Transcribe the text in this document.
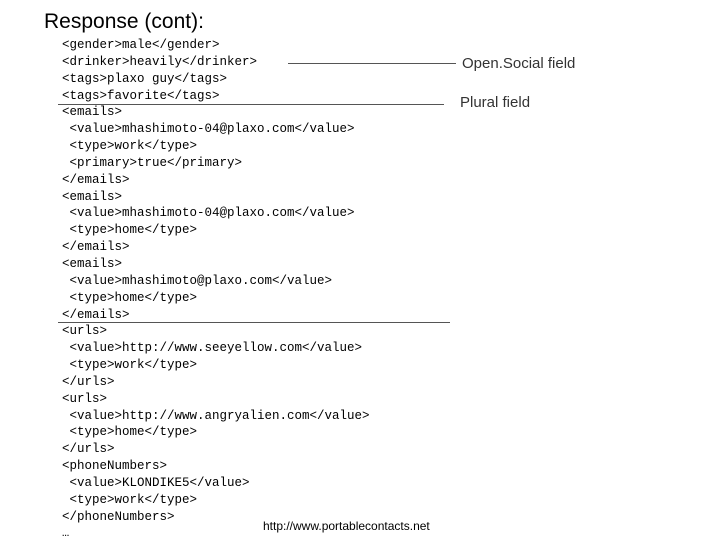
Response (cont):
<gender>male</gender>
<drinker>heavily</drinker>
<tags>plaxo guy</tags>
<tags>favorite</tags>
<emails>
<value>mhashimoto-04@plaxo.com</value>
<type>work</type>
<primary>true</primary>
</emails>
<emails>
<value>mhashimoto-04@plaxo.com</value>
<type>home</type>
</emails>
<emails>
<value>mhashimoto@plaxo.com</value>
<type>home</type>
</emails>
<urls>
<value>http://www.seeyellow.com</value>
<type>work</type>
</urls>
<urls>
<value>http://www.angryalien.com</value>
<type>home</type>
</urls>
<phoneNumbers>
<value>KLONDIKE5</value>
<type>work</type>
</phoneNumbers>
Open.Social field
Plural field
…	http://www.portablecontacts.net
